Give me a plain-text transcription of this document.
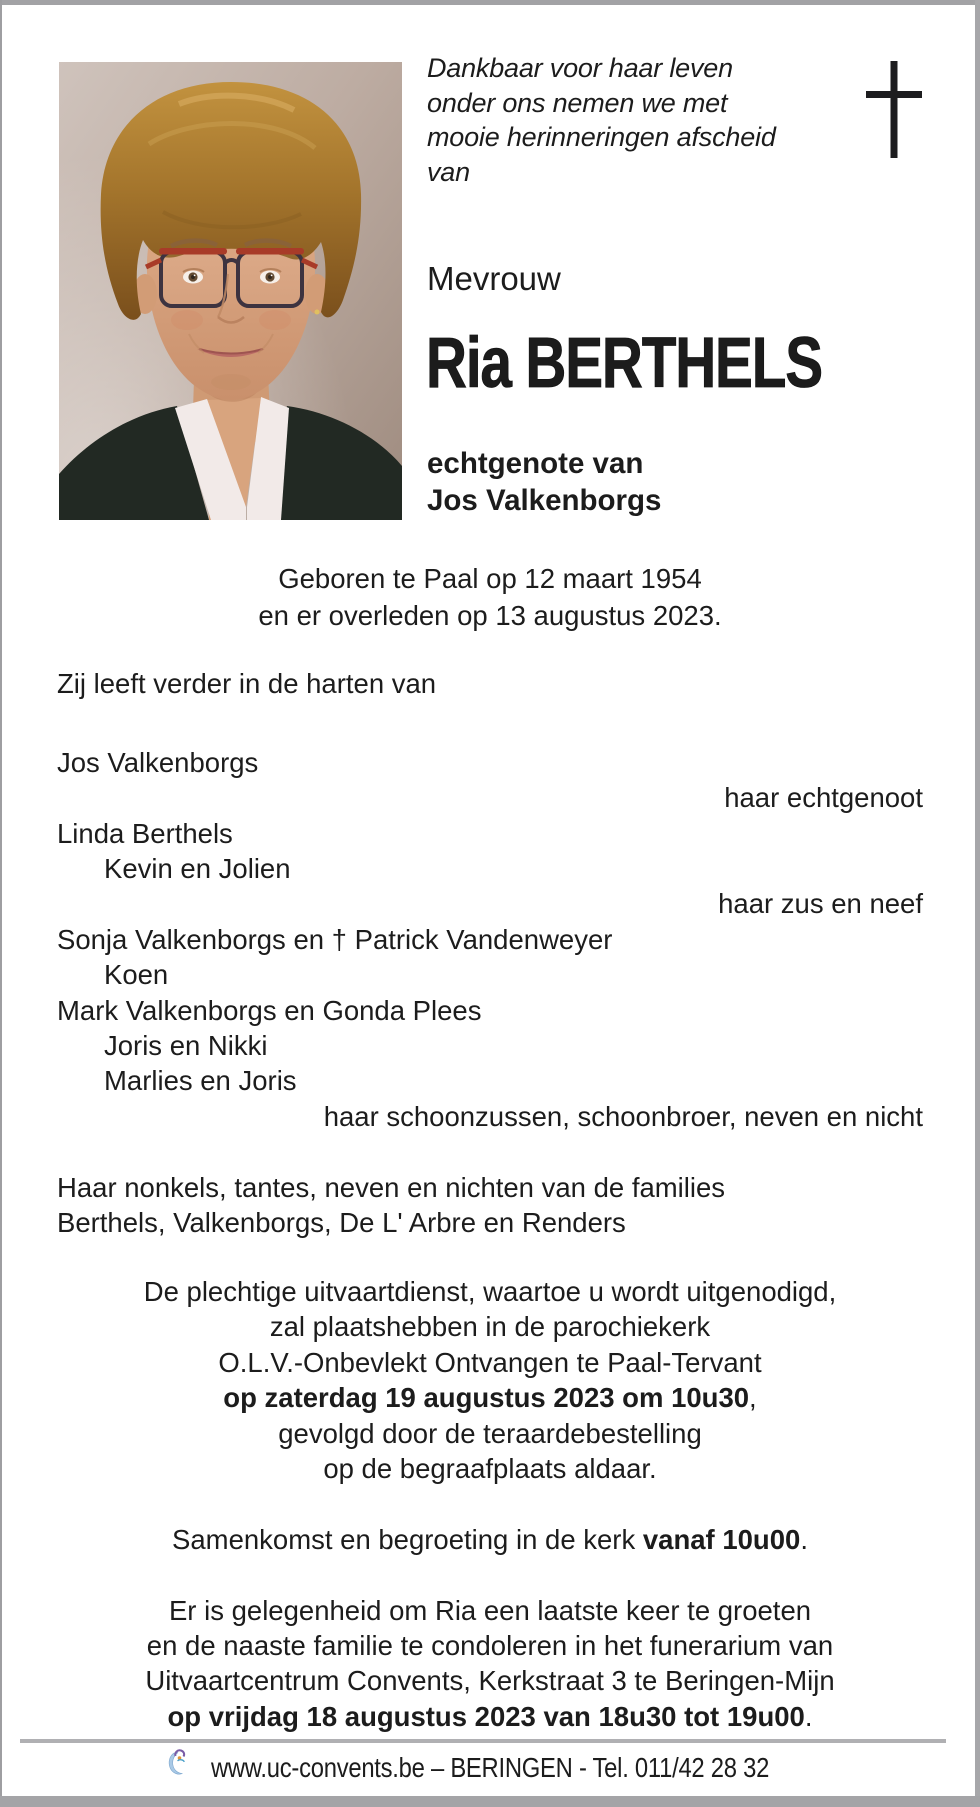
Dankbaar voor haar leven
onder ons nemen we met
mooie herinneringen afscheid
van
Mevrouw
Ria BERTHELS
echtgenote van
Jos Valkenborgs
Geboren te Paal op 12 maart 1954
en er overleden op 13 augustus 2023.
Zij leeft verder in de harten van
Jos Valkenborgs
haar echtgenoot
Linda Berthels
Kevin en Jolien
haar zus en neef
Sonja Valkenborgs en † Patrick Vandenweyer
Koen
Mark Valkenborgs en Gonda Plees
Joris en Nikki
Marlies en Joris
haar schoonzussen, schoonbroer, neven en nicht
Haar nonkels, tantes, neven en nichten van de families
Berthels, Valkenborgs, De L' Arbre en Renders
De plechtige uitvaartdienst, waartoe u wordt uitgenodigd,
zal plaatshebben in de parochiekerk
O.L.V.-Onbevlekt Ontvangen te Paal-Tervant
op zaterdag 19 augustus 2023 om 10u30,
gevolgd door de teraardebestelling
op de begraafplaats aldaar.
Samenkomst en begroeting in de kerk vanaf 10u00.
Er is gelegenheid om Ria een laatste keer te groeten
en de naaste familie te condoleren in het funerarium van
Uitvaartcentrum Convents, Kerkstraat 3 te Beringen-Mijn
op vrijdag 18 augustus 2023 van 18u30 tot 19u00.
www.uc-convents.be – BERINGEN - Tel. 011/42 28 32
